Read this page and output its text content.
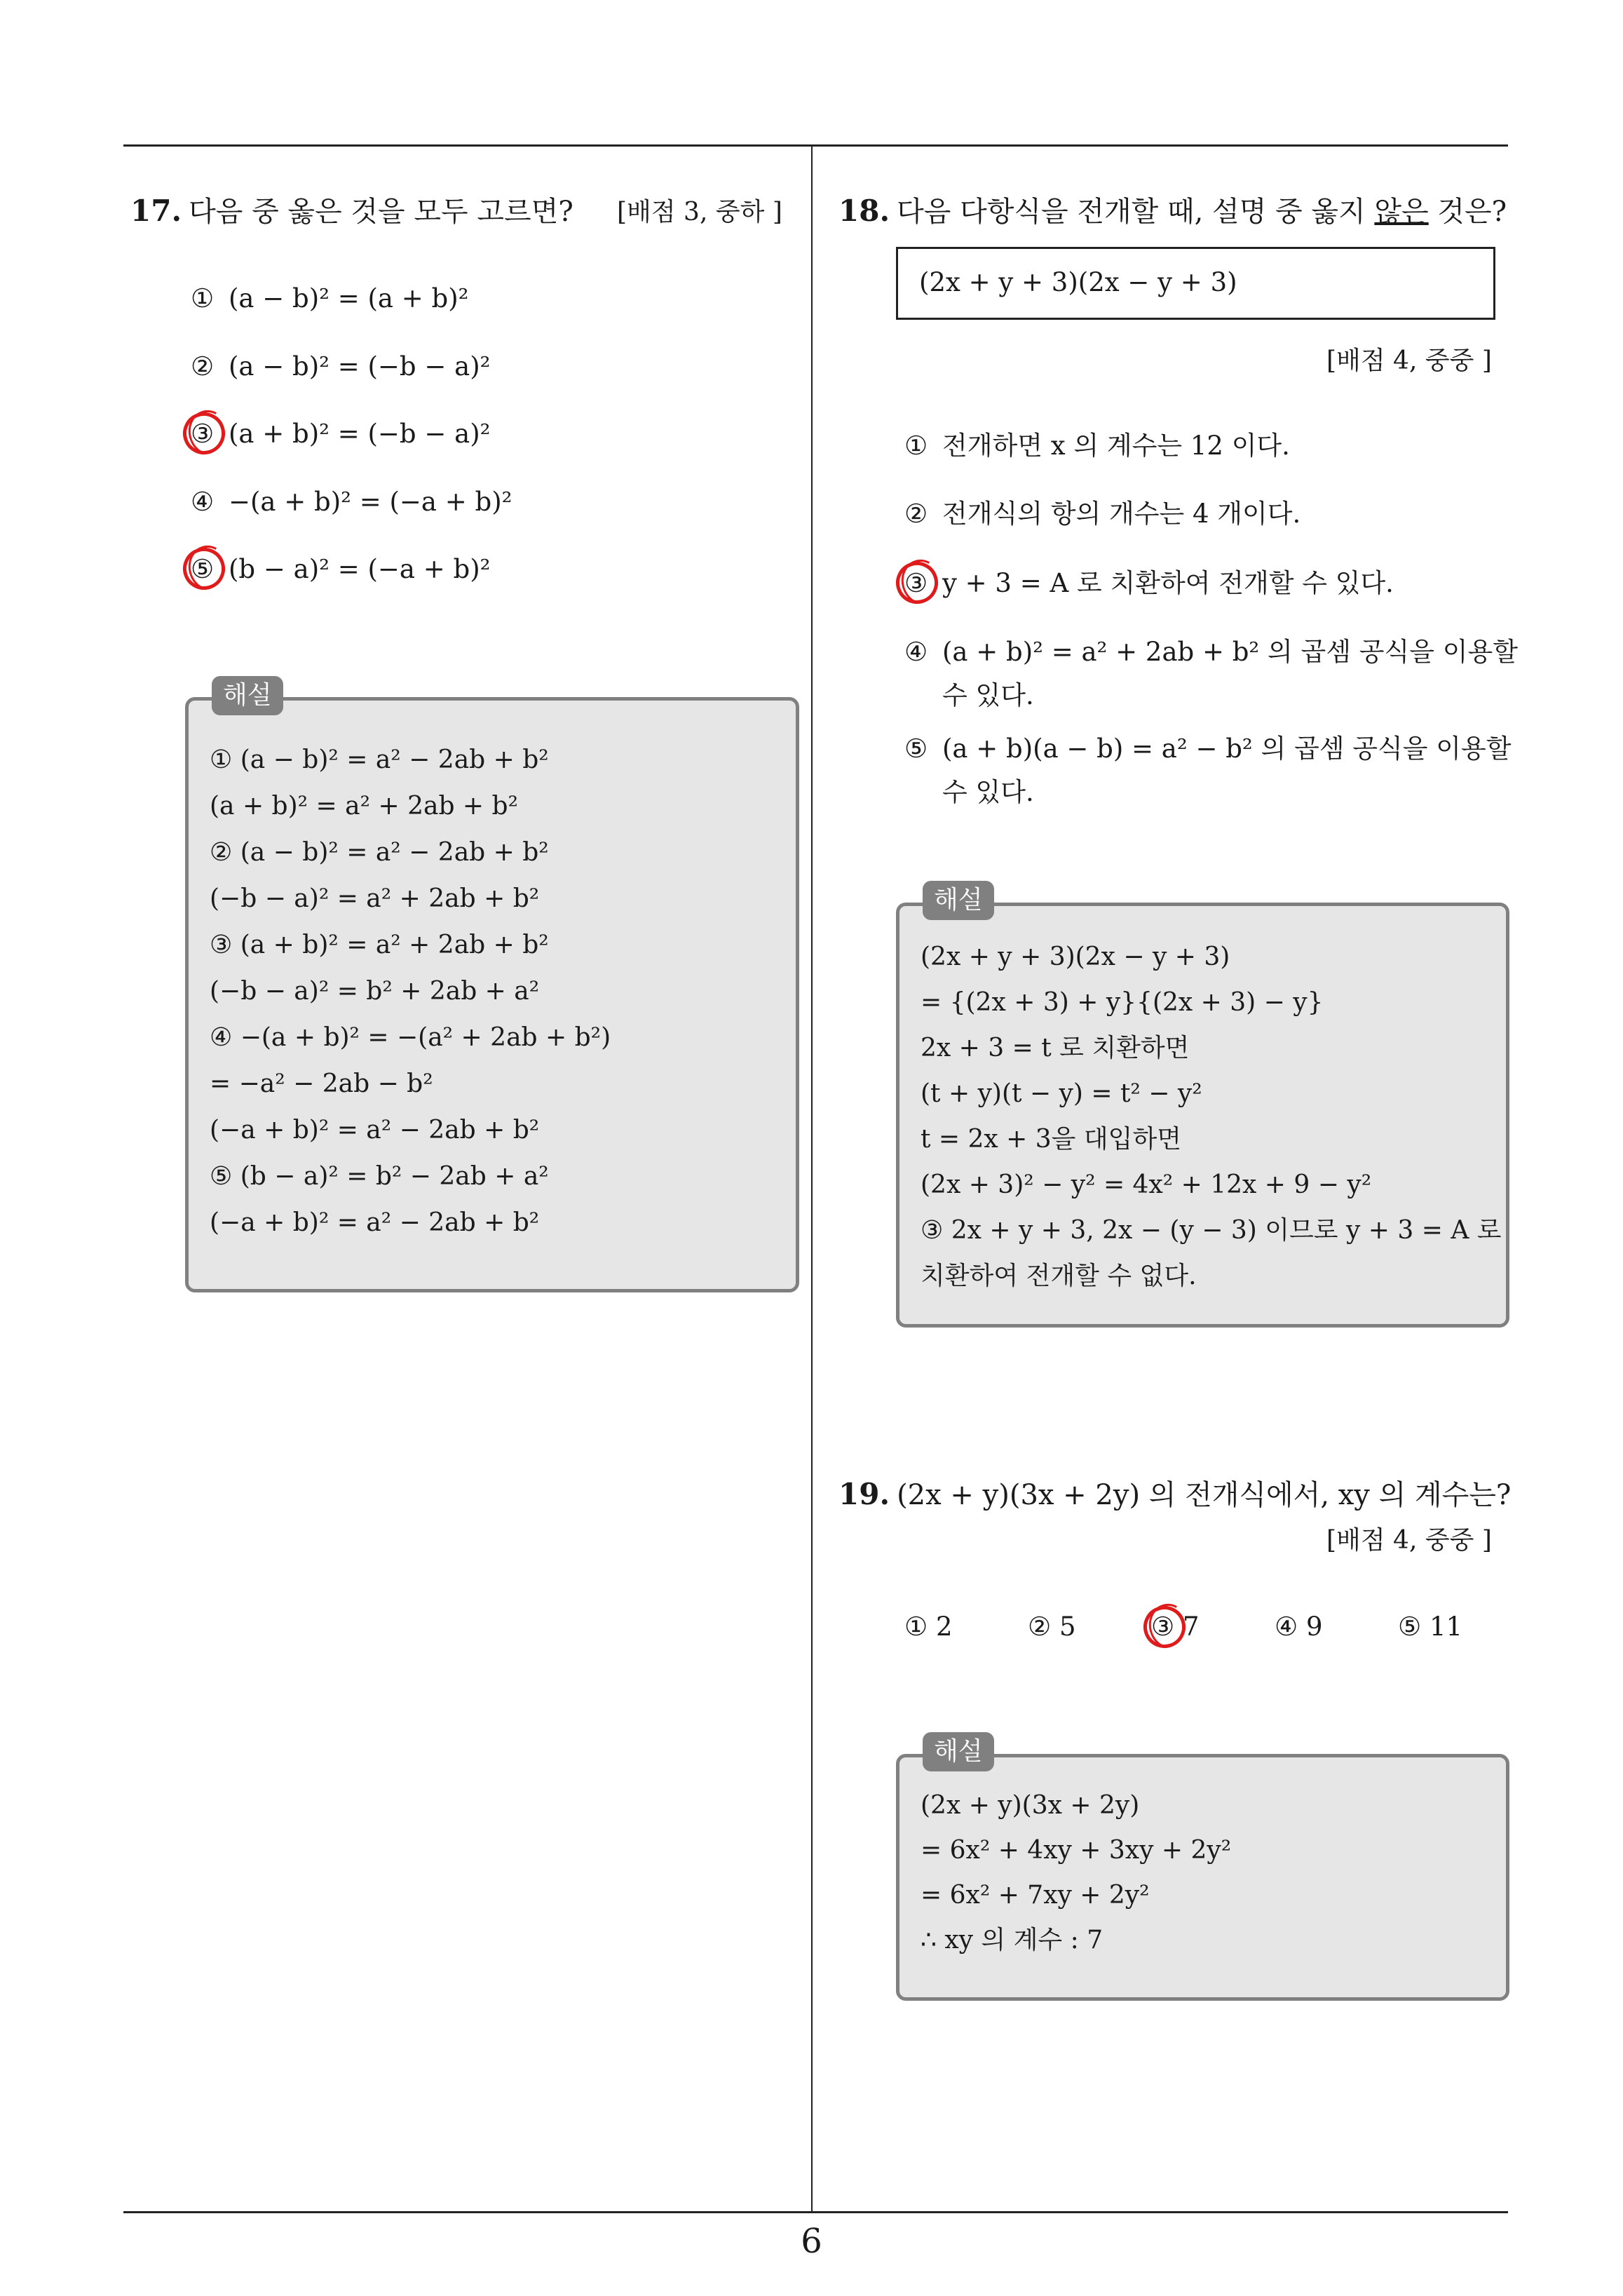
17. 다음 중 옳은 것을 모두 고르면? [배점 3, 중하 ]
① (a − b)² = (a + b)²
② (a − b)² = (−b − a)²
③ (a + b)² = (−b − a)²
④ −(a + b)² = (−a + b)²
⑤ (b − a)² = (−a + b)²
① (a − b)² = a² − 2ab + b²
(a + b)² = a² + 2ab + b²
② (a − b)² = a² − 2ab + b²
(−b − a)² = a² + 2ab + b²
③ (a + b)² = a² + 2ab + b²
(−b − a)² = b² + 2ab + a²
④ −(a + b)² = −(a² + 2ab + b²)
= −a² − 2ab − b²
(−a + b)² = a² − 2ab + b²
⑤ (b − a)² = b² − 2ab + a²
(−a + b)² = a² − 2ab + b²
해설
18. 다음 다항식을 전개할 때, 설명 중 옳지 않은 것은?
(2x + y + 3)(2x − y + 3)
[배점 4, 중중 ]
① 전개하면 x 의 계수는 12 이다.
② 전개식의 항의 개수는 4 개이다.
③ y + 3 = A 로 치환하여 전개할 수 있다.
④ (a + b)² = a² + 2ab + b² 의 곱셈 공식을 이용할
수 있다.
⑤ (a + b)(a − b) = a² − b² 의 곱셈 공식을 이용할
수 있다.
(2x + y + 3)(2x − y + 3)
= {(2x + 3) + y}{(2x + 3) − y}
2x + 3 = t 로 치환하면
(t + y)(t − y) = t² − y²
t = 2x + 3을 대입하면
(2x + 3)² − y² = 4x² + 12x + 9 − y²
③ 2x + y + 3, 2x − (y − 3) 이므로 y + 3 = A 로
치환하여 전개할 수 없다.
해설
19. (2x + y)(3x + 2y) 의 전개식에서, xy 의 계수는?
[배점 4, 중중 ]
① 2	② 5	③ 7	④ 9	⑤ 11
(2x + y)(3x + 2y)
= 6x² + 4xy + 3xy + 2y²
= 6x² + 7xy + 2y²
∴ xy 의 계수 : 7
해설
6
